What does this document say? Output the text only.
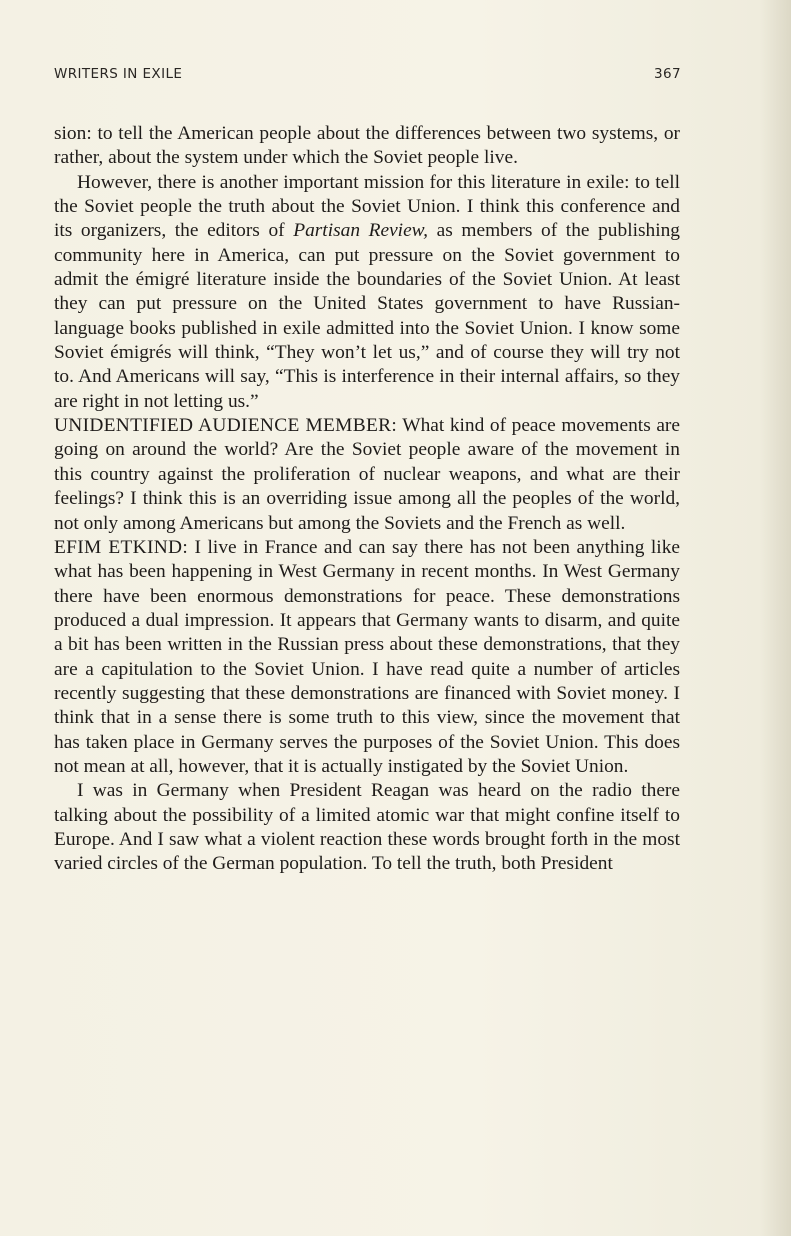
WRITERS IN EXILE	367

sion: to tell the American people about the differences between two systems, or rather, about the system under which the Soviet people live.

However, there is another important mission for this literature in exile: to tell the Soviet people the truth about the Soviet Union. I think this conference and its organizers, the editors of Partisan Review, as members of the publishing community here in America, can put pressure on the Soviet government to admit the émigré literature inside the boundaries of the Soviet Union. At least they can put pressure on the United States government to have Russian-language books published in exile admitted into the Soviet Union. I know some Soviet émigrés will think, “They won’t let us,” and of course they will try not to. And Americans will say, “This is interference in their internal affairs, so they are right in not letting us.”

UNIDENTIFIED AUDIENCE MEMBER: What kind of peace movements are going on around the world? Are the Soviet people aware of the movement in this country against the proliferation of nuclear weapons, and what are their feelings? I think this is an overriding issue among all the peoples of the world, not only among Americans but among the Soviets and the French as well.

EFIM ETKIND: I live in France and can say there has not been anything like what has been happening in West Germany in recent months. In West Germany there have been enormous demonstrations for peace. These demonstrations produced a dual impression. It appears that Germany wants to disarm, and quite a bit has been written in the Russian press about these demonstrations, that they are a capitulation to the Soviet Union. I have read quite a number of articles recently suggesting that these demonstrations are financed with Soviet money. I think that in a sense there is some truth to this view, since the movement that has taken place in Germany serves the purposes of the Soviet Union. This does not mean at all, however, that it is actually instigated by the Soviet Union.

I was in Germany when President Reagan was heard on the radio there talking about the possibility of a limited atomic war that might confine itself to Europe. And I saw what a violent reaction these words brought forth in the most varied circles of the German population. To tell the truth, both President
